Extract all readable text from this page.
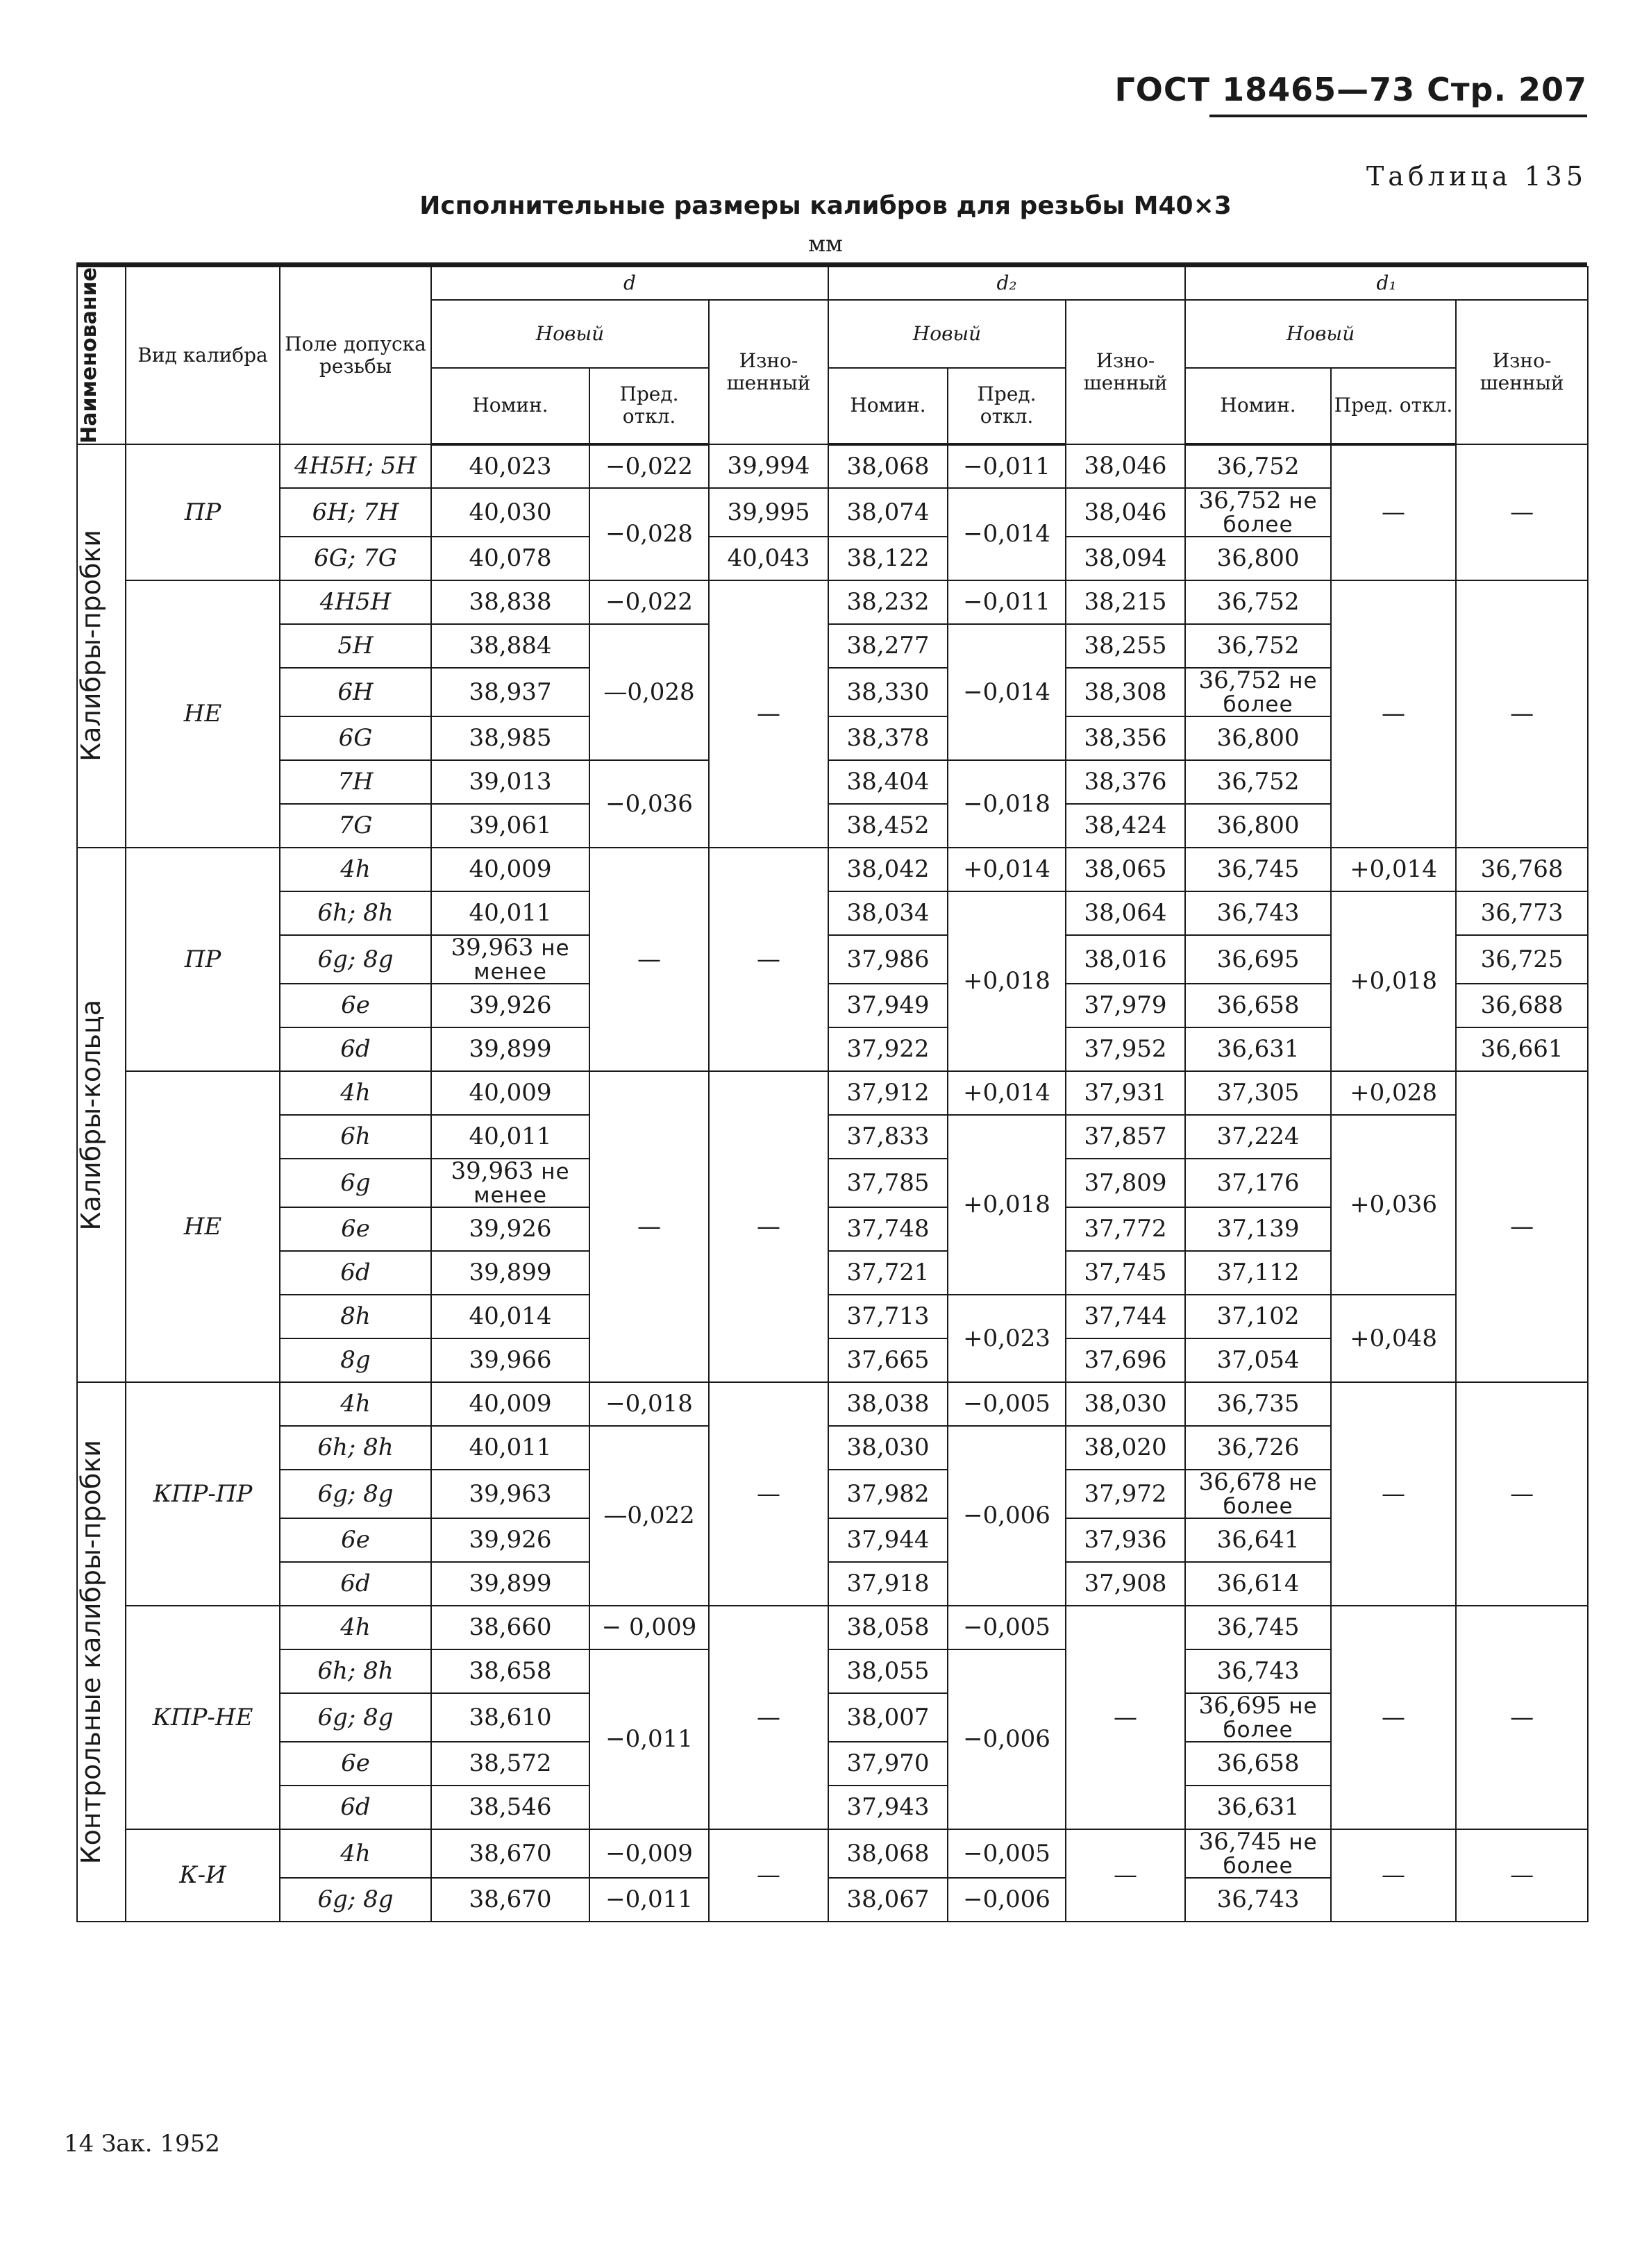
ГОСТ 18465—73 Стр. 207
Таблица 135
Исполнительные размеры калибров для резьбы M40×3
мм
Наименование	Вид калибра	Поле допуска резьбы	d			d₂			d₁		
			Новый		Изно-шенный	Новый		Изно-шенный	Новый		Изно-шенный
			Номин.	Пред. откл.		Номин.	Пред. откл.		Номин.	Пред. откл.	

Калибры-пробки	ПР	4H5H; 5H	40,023	−0,022	39,994	38,068	−0,011	38,046	36,752	—	—
		6H; 7H	40,030	−0,028	39,995	38,074	−0,014	38,046	36,752 не более		
		6G; 7G	40,078		40,043	38,122		38,094	36,800		
	НЕ	4H5H	38,838	−0,022	—	38,232	−0,011	38,215	36,752	—	—
		5H	38,884	—0,028		38,277	−0,014	38,255	36,752		
		6H	38,937			38,330		38,308	36,752 не более		
		6G	38,985			38,378		38,356	36,800		
		7H	39,013	−0,036		38,404	−0,018	38,376	36,752		
		7G	39,061			38,452		38,424	36,800		

Калибры-кольца	ПР	4h	40,009	—	—	38,042	+0,014	38,065	36,745	+0,014	36,768
		6h; 8h	40,011			38,034	+0,018	38,064	36,743	+0,018	36,773
		6g; 8g	39,963 не менее			37,986		38,016	36,695		36,725
		6e	39,926			37,949		37,979	36,658		36,688
		6d	39,899			37,922		37,952	36,631		36,661
	НЕ	4h	40,009	—	—	37,912	+0,014	37,931	37,305	+0,028	—
		6h	40,011			37,833	+0,018	37,857	37,224	+0,036	
		6g	39,963 не менее			37,785		37,809	37,176		
		6e	39,926			37,748		37,772	37,139		
		6d	39,899			37,721		37,745	37,112		
		8h	40,014			37,713	+0,023	37,744	37,102	+0,048	
		8g	39,966			37,665		37,696	37,054		

Контрольные калибры-пробки	КПР-ПР	4h	40,009	−0,018	—	38,038	−0,005	38,030	36,735	—	—
		6h; 8h	40,011	—0,022		38,030	−0,006	38,020	36,726		
		6g; 8g	39,963			37,982		37,972	36,678 не более		
		6e	39,926			37,944		37,936	36,641		
		6d	39,899			37,918		37,908	36,614		
	КПР-НЕ	4h	38,660	− 0,009	—	38,058	−0,005	—	36,745	—	—
		6h; 8h	38,658	−0,011		38,055	−0,006		36,743		
		6g; 8g	38,610			38,007			36,695 не более		
		6e	38,572			37,970			36,658		
		6d	38,546			37,943			36,631		
	К-И	4h	38,670	−0,009	—	38,068	−0,005	—	36,745 не более	—	—
		6g; 8g	38,670	−0,011		38,067	−0,006		36,743		
14 Зак. 1952
